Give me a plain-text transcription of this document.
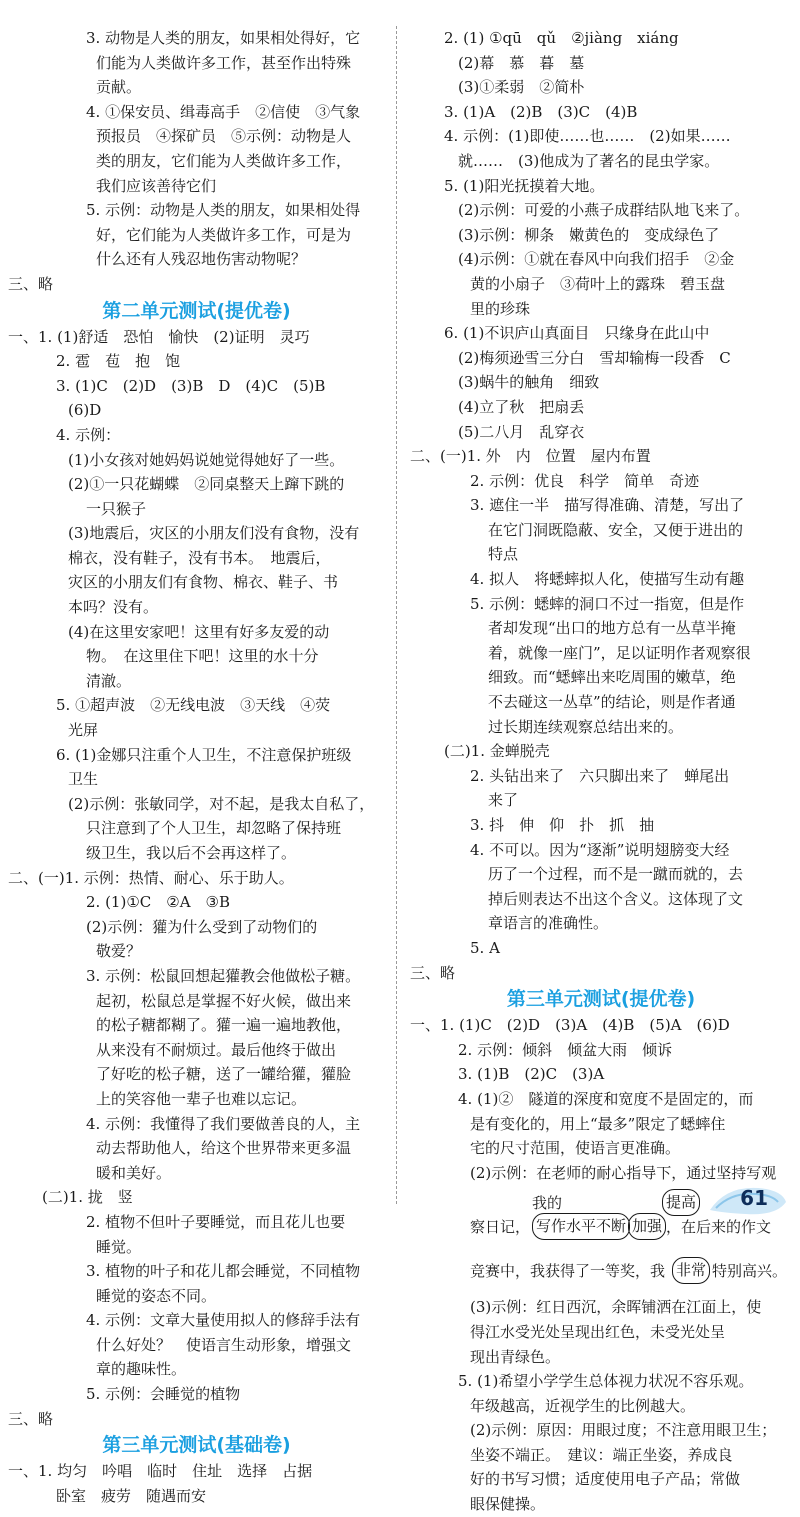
3. 动物是人类的朋友，如果相处得好，它
们能为人类做许多工作，甚至作出特殊
贡献。
4. ①保安员、缉毒高手　②信使　③气象
预报员　④探矿员　⑤示例：动物是人
类的朋友，它们能为人类做许多工作，
我们应该善待它们
5. 示例：动物是人类的朋友，如果相处得
好，它们能为人类做许多工作，可是为
什么还有人残忍地伤害动物呢？
三、略
第二单元测试(提优卷)
一、1. (1)舒适　恐怕　愉快　(2)证明　灵巧
2. 雹　苞　抱　饱
3. (1)C　(2)D　(3)B　D　(4)C　(5)B
(6)D
4. 示例：
(1)小女孩对她妈妈说她觉得她好了一些。
(2)①一只花蝴蝶　②同桌整天上蹿下跳的
一只猴子
(3)地震后，灾区的小朋友们没有食物，没有
棉衣，没有鞋子，没有书本。　地震后，
灾区的小朋友们有食物、棉衣、鞋子、书
本吗？没有。
(4)在这里安家吧！这里有好多友爱的动
物。　在这里住下吧！这里的水十分
清澈。
5. ①超声波　②无线电波　③天线　④荧
光屏
6. (1)金娜只注重个人卫生，不注意保护班级
卫生
(2)示例：张敏同学，对不起，是我太自私了，
只注意到了个人卫生，却忽略了保持班
级卫生，我以后不会再这样了。
二、(一)1. 示例：热情、耐心、乐于助人。
2. (1)①C　②A　③B
(2)示例：獾为什么受到了动物们的
敬爱？
3. 示例：松鼠回想起獾教会他做松子糖。
起初，松鼠总是掌握不好火候，做出来
的松子糖都糊了。獾一遍一遍地教他，
从来没有不耐烦过。最后他终于做出
了好吃的松子糖，送了一罐给獾，獾脸
上的笑容他一辈子也难以忘记。
4. 示例：我懂得了我们要做善良的人，主
动去帮助他人，给这个世界带来更多温
暖和美好。
(二)1. 拢　竖
2. 植物不但叶子要睡觉，而且花儿也要
睡觉。
3. 植物的叶子和花儿都会睡觉，不同植物
睡觉的姿态不同。
4. 示例：文章大量使用拟人的修辞手法有
什么好处？　使语言生动形象，增强文
章的趣味性。
5. 示例：会睡觉的植物
三、略
第三单元测试(基础卷)
一、1. 均匀　吟唱　临时　住址　选择　占据
卧室　疲劳　随遇而安
2. (1) ①qū　qǔ　②jiàng　xiáng
(2)幕　慕　暮　墓
(3)①柔弱　②简朴
3. (1)A　(2)B　(3)C　(4)B
4. 示例：(1)即使……也……　(2)如果……
就……　(3)他成为了著名的昆虫学家。
5. (1)阳光抚摸着大地。
(2)示例：可爱的小燕子成群结队地飞来了。
(3)示例：柳条　嫩黄色的　变成绿色了
(4)示例：①就在春风中向我们招手　②金
黄的小扇子　③荷叶上的露珠　碧玉盘
里的珍珠
6. (1)不识庐山真面目　只缘身在此山中
(2)梅须逊雪三分白　雪却输梅一段香　C
(3)蜗牛的触角　细致
(4)立了秋　把扇丢
(5)二八月　乱穿衣
二、(一)1. 外　内　位置　屋内布置
2. 示例：优良　科学　简单　奇迹
3. 遮住一半　描写得准确、清楚，写出了
在它门洞既隐蔽、安全，又便于进出的
特点
4. 拟人　将蟋蟀拟人化，使描写生动有趣
5. 示例：蟋蟀的洞口不过一指宽，但是作
者却发现“出口的地方总有一丛草半掩
着，就像一座门”，足以证明作者观察很
细致。而“蟋蟀出来吃周围的嫩草，绝
不去碰这一丛草”的结论，则是作者通
过长期连续观察总结出来的。
(二)1. 金蝉脱壳
2. 头钻出来了　六只脚出来了　蝉尾出
来了
3. 抖　伸　仰　扑　抓　抽
4. 不可以。因为“逐渐”说明翅膀变大经
历了一个过程，而不是一蹴而就的，去
掉后则表达不出这个含义。这体现了文
章语言的准确性。
5. A
三、略
第三单元测试(提优卷)
一、1. (1)C　(2)D　(3)A　(4)B　(5)A　(6)D
2. 示例：倾斜　倾盆大雨　倾诉
3. (1)B　(2)C　(3)A
4. (1)②　隧道的深度和宽度不是固定的，而
是有变化的，用上“最多”限定了蟋蟀住
宅的尺寸范围，使语言更准确。
(2)示例：在老师的耐心指导下，通过坚持写观
我的	提高
察日记， 写作水平不断 加强 ，在后来的作文
竞赛中，我获得了一等奖，我 非常 特别高兴。
(3)示例：红日西沉，余晖铺洒在江面上，使
得江水受光处呈现出红色，未受光处呈
现出青绿色。
5. (1)希望小学学生总体视力状况不容乐观。
年级越高，近视学生的比例越大。
(2)示例：原因：用眼过度；不注意用眼卫生；
坐姿不端正。　建议：端正坐姿，养成良
好的书写习惯；适度使用电子产品；常做
眼保健操。
61
